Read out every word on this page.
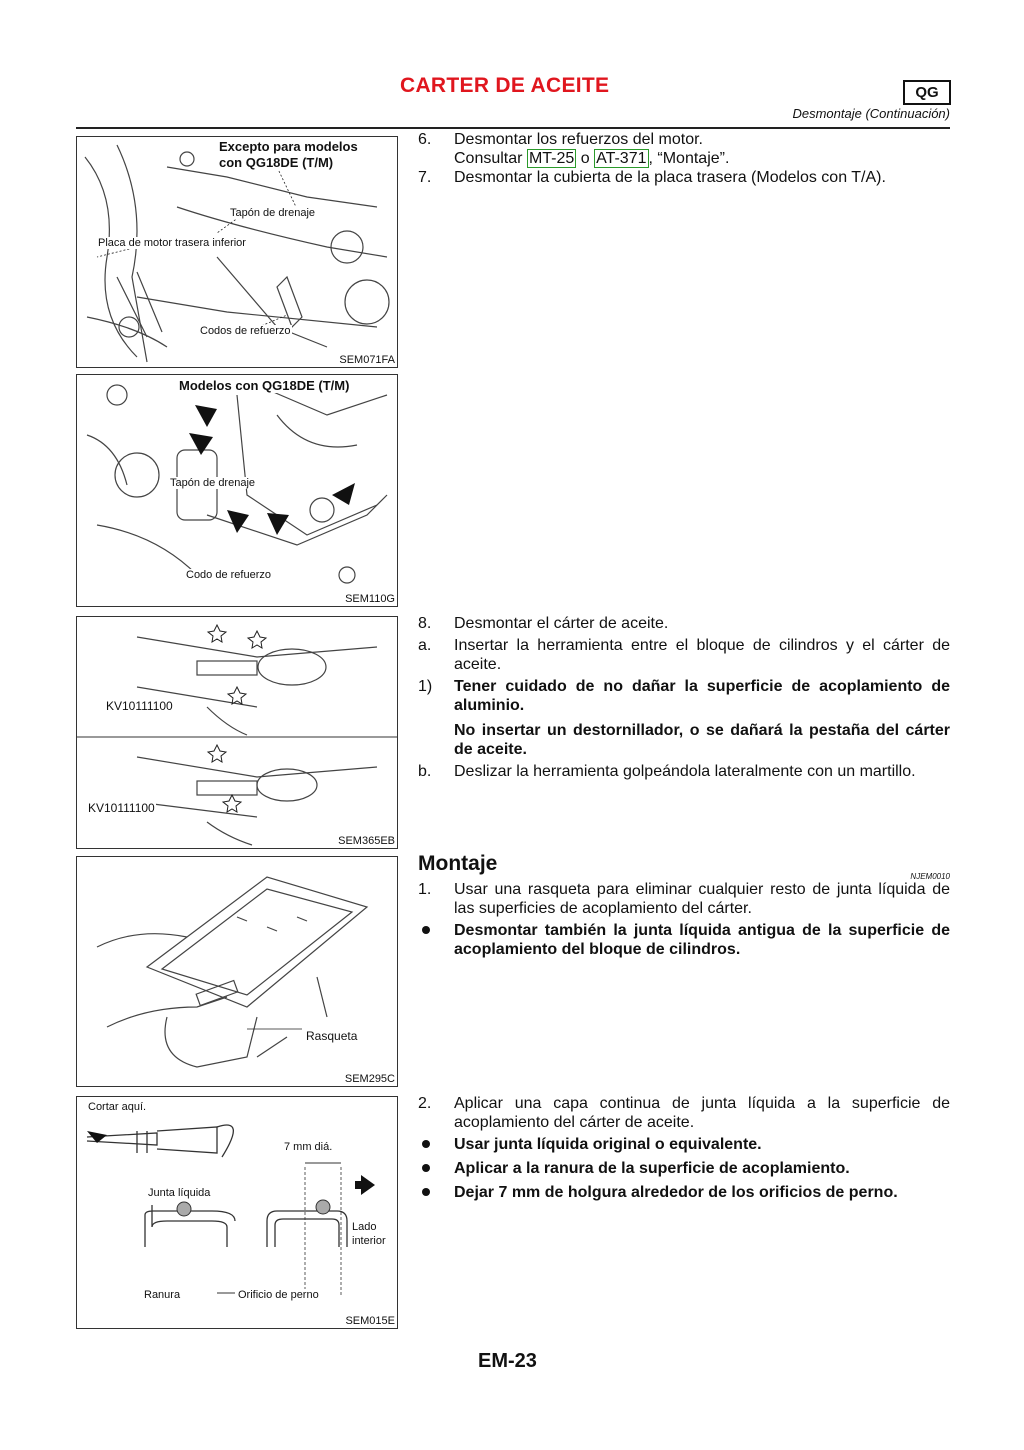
CARTER DE ACEITE	QG
Desmontaje (Continuación)
Excepto para modelos
con QG18DE (T/M)
Tapón de drenaje
Placa de motor trasera inferior
Codos de refuerzo
SEM071FA
Modelos con QG18DE (T/M)
Tapón de drenaje
Codo de refuerzo
SEM110G
KV10111100
KV10111100
SEM365EB
Rasqueta
SEM295C
Cortar aquí.
7 mm diá.
Junta líquida
Lado
interior
Ranura	Orificio de perno
SEM015E
6. Desmontar los refuerzos del motor.
Consultar MT-25 o AT-371 , “Montaje”.
7. Desmontar la cubierta de la placa trasera (Modelos con T/A).
8. Desmontar el cárter de aceite.
a. Insertar la herramienta entre el bloque de cilindros y el cárter de aceite.
1) Tener cuidado de no dañar la superficie de acoplamiento de aluminio.
No insertar un destornillador, o se dañará la pestaña del cárter de aceite.
b. Deslizar la herramienta golpeándola lateralmente con un martillo.
Montaje
NJEM0010
1. Usar una rasqueta para eliminar cualquier resto de junta líquida de las superficies de acoplamiento del cárter.
Desmontar también la junta líquida antigua de la superficie de acoplamiento del bloque de cilindros.
2. Aplicar una capa continua de junta líquida a la superficie de acoplamiento del cárter de aceite.
Usar junta líquida original o equivalente.
Aplicar a la ranura de la superficie de acoplamiento.
Dejar 7 mm de holgura alrededor de los orificios de perno.
EM-23
